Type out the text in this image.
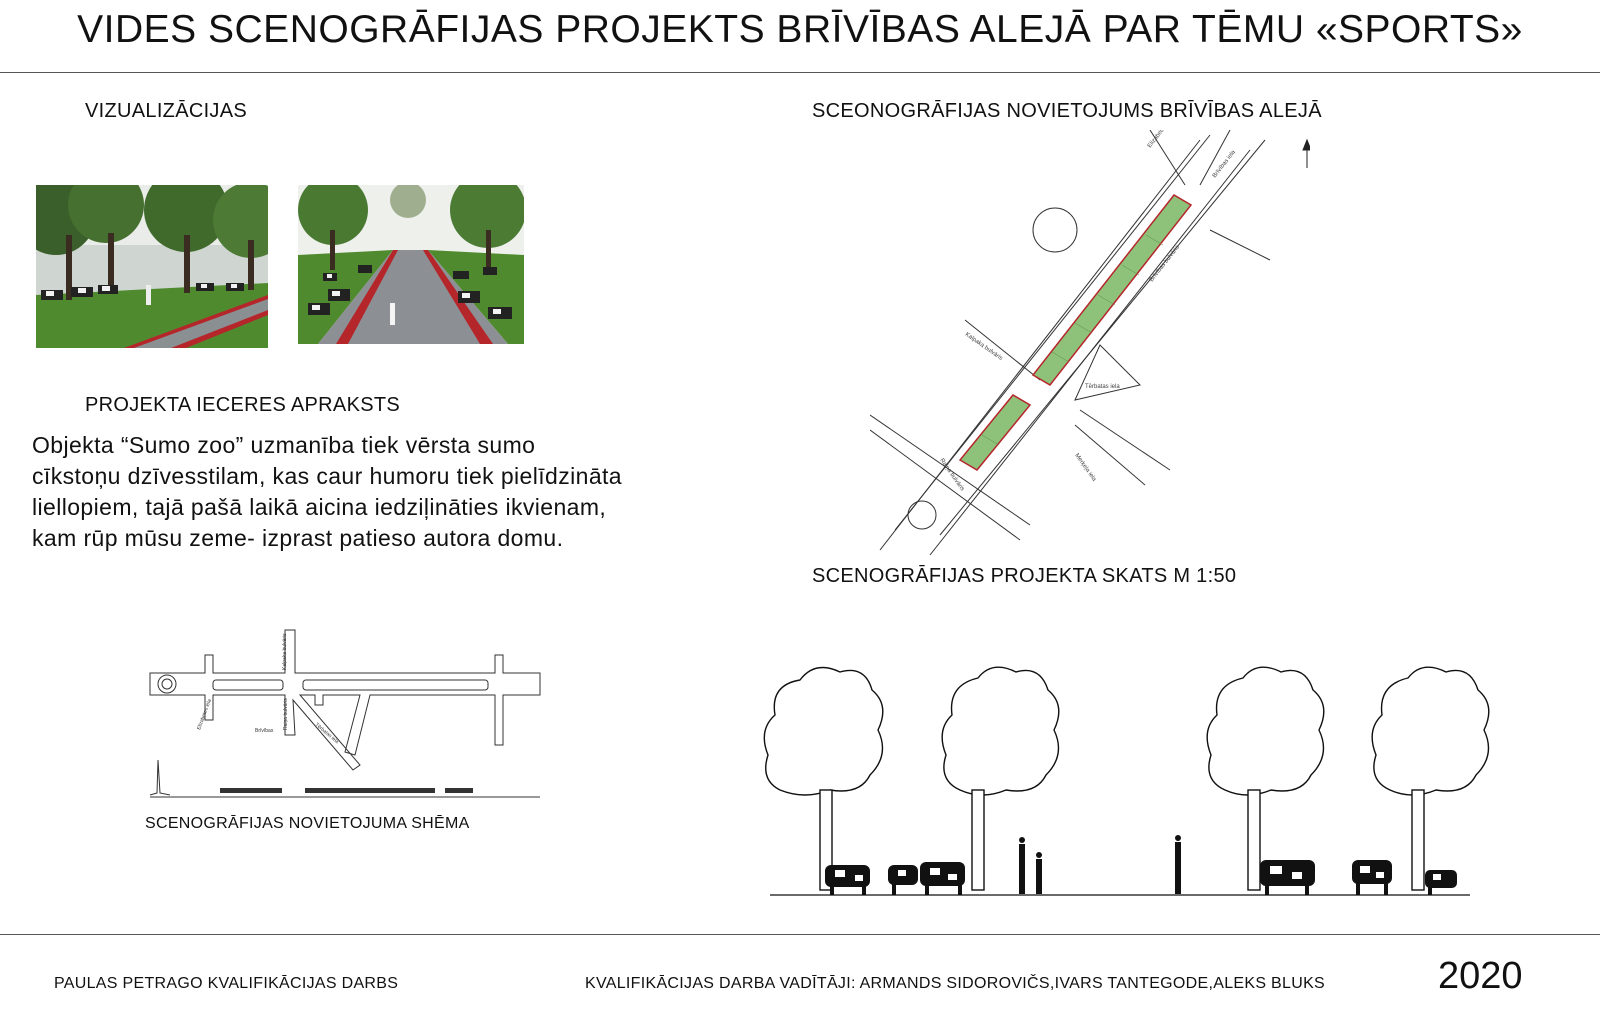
VIDES SCENOGRĀFIJAS PROJEKTS BRĪVĪBAS ALEJĀ PAR TĒMU «SPORTS»
VIZUALIZĀCIJAS
PROJEKTA IECERES APRAKSTS
Objekta “Sumo zoo” uzmanība tiek vērsta sumo
cīkstoņu dzīvesstilam, kas caur humoru tiek pielīdzināta
liellopiem, tajā pašā laikā aicina iedziļināties ikvienam,
kam rūp mūsu zeme- izprast patieso autora domu.
SCEONOGRĀFIJAS NOVIETOJUMS BRĪVĪBAS ALEJĀ
Elizabetes iela
Brīvības iela
Kalpaka bulvāris
Brīvības bulvāris
Tērbatas iela
Raiņa bulvāris	Merķeļa iela
SCENOGRĀFIJAS PROJEKTA SKATS M 1:50
Kalpaka bulvāris
Elizabetes iela	Raiņa bulvāris
Brīvības	Tērbatas iela
SCENOGRĀFIJAS NOVIETOJUMA SHĒMA
PAULAS PETRAGO KVALIFIKĀCIJAS DARBS	KVALIFIKĀCIJAS DARBA VADĪTĀJI: ARMANDS SIDOROVIČS,IVARS TANTEGODE,ALEKS BLUKS	2020
